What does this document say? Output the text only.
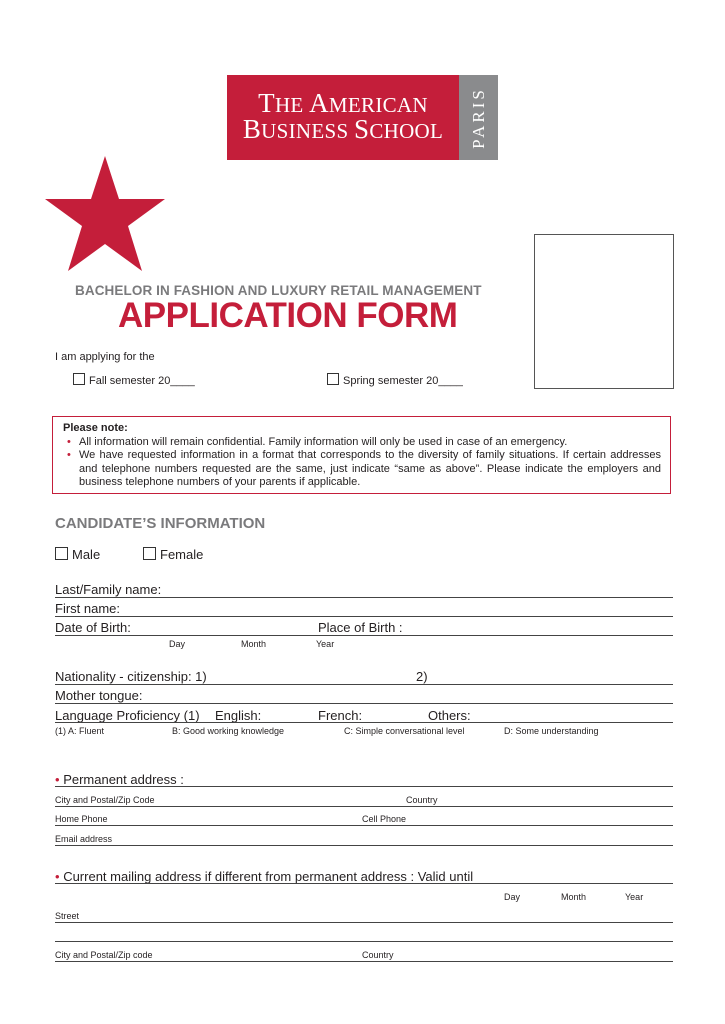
THE AMERICAN
BUSINESS SCHOOL	PARIS
BACHELOR IN FASHION AND LUXURY RETAIL MANAGEMENT
APPLICATION FORM
I am applying for the
Fall semester 20____	Spring semester 20____
Please note:
• All information will remain confidential. Family information will only be used in case of an emergency.
• We have requested information in a format that corresponds to the diversity of family situations. If certain addresses and telephone numbers requested are the same, just indicate “same as above”. Please indicate the employers and business telephone numbers of your parents if applicable.
CANDIDATE’S INFORMATION
Male	Female
Last/Family name:
First name:
Date of Birth:	Place of Birth :
Day	Month	Year
Nationality - citizenship: 1)	2)
Mother tongue:
Language Proficiency (1) English:	French:	Others:
(1) A: Fluent	B: Good working knowledge	C: Simple conversational level	D: Some understanding
• Permanent address :
City and Postal/Zip Code	Country
Home Phone	Cell Phone
Email address
• Current mailing address if different from permanent address : Valid until
Day	Month	Year
Street
City and Postal/Zip code	Country
